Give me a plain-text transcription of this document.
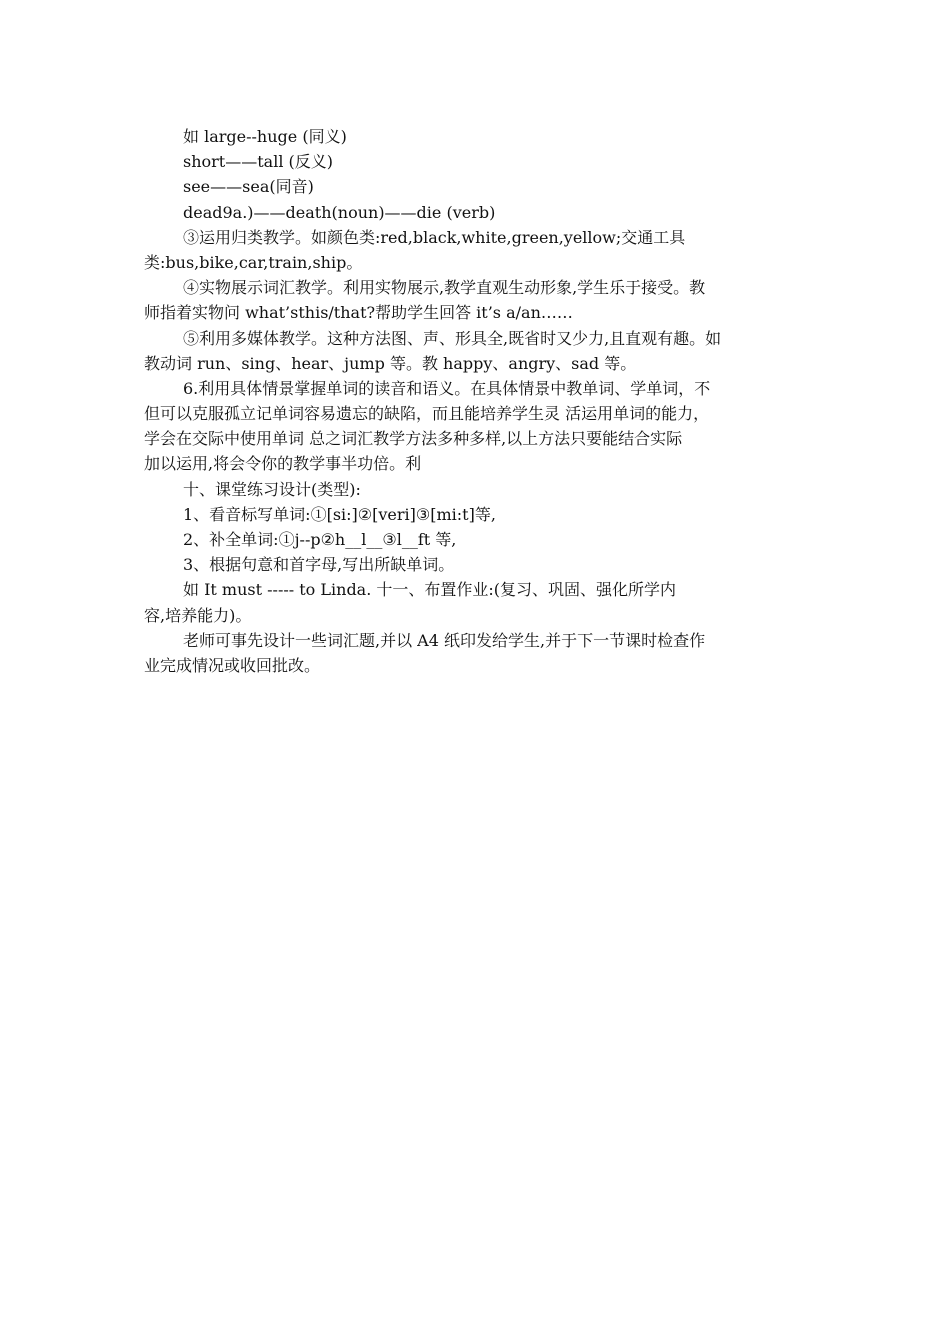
如 large--huge (同义)
short——tall (反义)
see——sea(同音)
dead9a.)——death(noun)——die (verb)
③运用归类教学。如颜色类:red,black,white,green,yellow;交通工具
类:bus,bike,car,train,ship。
④实物展示词汇教学。利用实物展示,教学直观生动形象,学生乐于接受。教
师指着实物问 what’sthis/that?帮助学生回答 it’s a/an……
⑤利用多媒体教学。这种方法图、声、形具全,既省时又少力,且直观有趣。如
教动词 run、sing、hear、jump 等。教 happy、angry、sad 等。
6.利用具体情景掌握单词的读音和语义。在具体情景中教单词、学单词，不
但可以克服孤立记单词容易遗忘的缺陷，而且能培养学生灵 活运用单词的能力，
学会在交际中使用单词 总之词汇教学方法多种多样,以上方法只要能结合实际
加以运用,将会令你的教学事半功倍。利
十、课堂练习设计(类型):
1、看音标写单词:①[si:]②[veri]③[mi:t]等,
2、补全单词:①j--p②h__l__③l__ft 等,
3、根据句意和首字母,写出所缺单词。
如 It must ----- to Linda. 十一、布置作业:(复习、巩固、强化所学内
容,培养能力)。
老师可事先设计一些词汇题,并以 A4 纸印发给学生,并于下一节课时检查作
业完成情况或收回批改。
